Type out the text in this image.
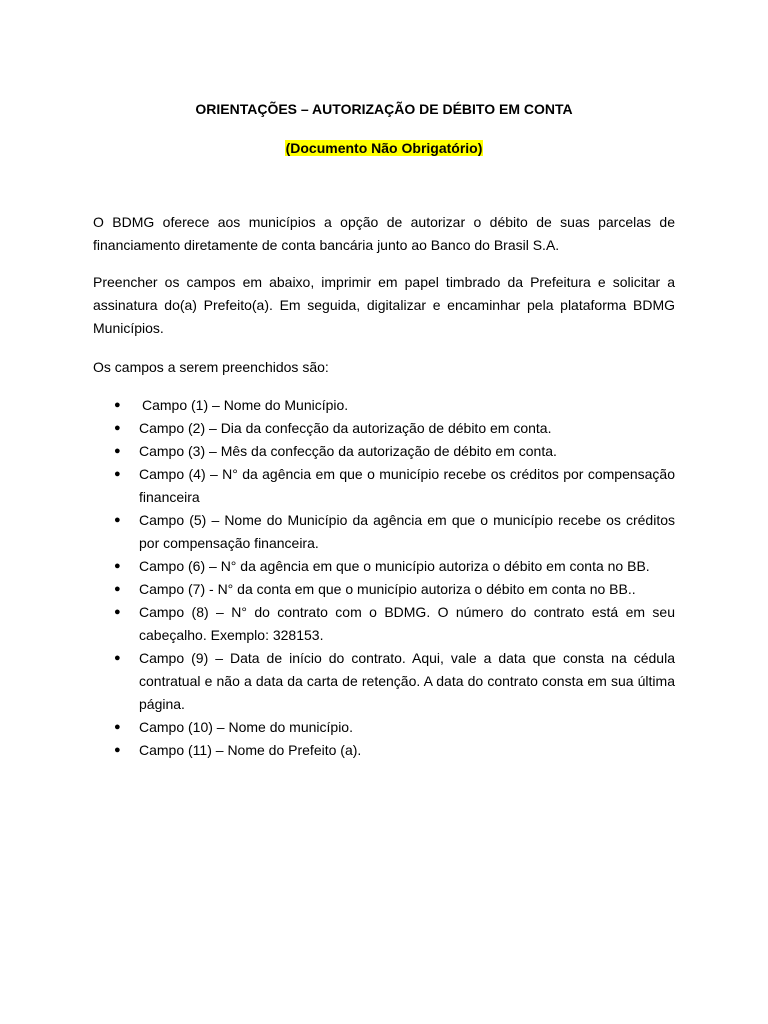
ORIENTAÇÕES – AUTORIZAÇÃO DE DÉBITO EM CONTA
(Documento Não Obrigatório)

O BDMG oferece aos municípios a opção de autorizar o débito de suas parcelas de financiamento diretamente de conta bancária junto ao Banco do Brasil S.A.

Preencher os campos em abaixo, imprimir em papel timbrado da Prefeitura e solicitar a assinatura do(a) Prefeito(a). Em seguida, digitalizar e encaminhar pela plataforma BDMG Municípios.

Os campos a serem preenchidos são:

● Campo (1) – Nome do Município.
● Campo (2) – Dia da confecção da autorização de débito em conta.
● Campo (3) – Mês da confecção da autorização de débito em conta.
● Campo (4) – N° da agência em que o município recebe os créditos por compensação financeira
● Campo (5) – Nome do Município da agência em que o município recebe os créditos por compensação financeira.
● Campo (6) – N° da agência em que o município autoriza o débito em conta no BB.
● Campo (7) - N° da conta em que o município autoriza o débito em conta no BB..
● Campo (8) – N° do contrato com o BDMG. O número do contrato está em seu cabeçalho. Exemplo: 328153.
● Campo (9) – Data de início do contrato. Aqui, vale a data que consta na cédula contratual e não a data da carta de retenção. A data do contrato consta em sua última página.
● Campo (10) – Nome do município.
● Campo (11) – Nome do Prefeito (a).
